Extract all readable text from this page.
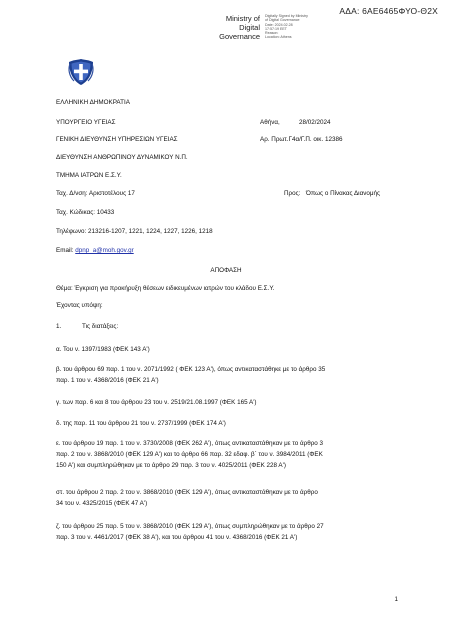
ΑΔΑ: 6ΑΕ6465ΦΥΟ-Θ2Χ
Ministry of
Digital
Governance
Digitally Signed by Ministry
of Digital Governance
Date: 2024.02.28
17:57:19 EET
Reason:
Location: Athens
ΕΛΛΗΝΙΚΗ ΔΗΜΟΚΡΑΤΙΑ
ΥΠΟΥΡΓΕΙΟ ΥΓΕΙΑΣ	Αθήνα,	28/02/2024
ΓΕΝΙΚΗ ΔΙΕΥΘΥΝΣΗ ΥΠΗΡΕΣΙΩΝ ΥΓΕΙΑΣ	Αρ. Πρωτ.Γ4α/Γ.Π. οικ. 12386
ΔΙΕΥΘΥΝΣΗ ΑΝΘΡΩΠΙΝΟΥ ΔΥΝΑΜΙΚΟΥ Ν.Π.
ΤΜΗΜΑ ΙΑΤΡΩΝ Ε.Σ.Υ.
Ταχ. Δ/νση: Αριστοτέλους 17	Προς: Όπως ο Πίνακας Διανομής
Ταχ. Κώδικας: 10433
Τηλέφωνο: 213216-1207, 1221, 1224, 1227, 1226, 1218
Email: dpnp_a@moh.gov.gr
ΑΠΟΦΑΣΗ
Θέμα: Έγκριση για προκήρυξη θέσεων ειδικευμένων ιατρών του κλάδου Ε.Σ.Υ.
Έχοντας υπόψη:
1.	Τις διατάξεις:
α. Του ν. 1397/1983 (ΦΕΚ 143 Α')
β. του άρθρου 69 παρ. 1 του ν. 2071/1992 ( ΦΕΚ 123 Α'), όπως αντικαταστάθηκε με το άρθρο 35
παρ. 1 του ν. 4368/2016 (ΦΕΚ 21 Α')
γ. των παρ. 6 και 8 του άρθρου 23 του ν. 2519/21.08.1997 (ΦΕΚ 165 Α')
δ. της παρ. 11 του άρθρου 21 του ν. 2737/1999 (ΦΕΚ 174 Α')
ε. του άρθρου 19 παρ. 1 του ν. 3730/2008 (ΦΕΚ 262 Α'), όπως αντικαταστάθηκαν με το άρθρο 3
παρ. 2 του ν. 3868/2010 (ΦΕΚ 129 Α') και το άρθρο 66 παρ. 32 εδαφ. β΄ του ν. 3984/2011 (ΦΕΚ
150 Α') και συμπληρώθηκαν με το άρθρο 29 παρ. 3 του ν. 4025/2011 (ΦΕΚ 228 Α')
στ. του άρθρου 2 παρ. 2 του ν. 3868/2010 (ΦΕΚ 129 Α'), όπως αντικαταστάθηκαν με το άρθρο
34 του ν. 4325/2015 (ΦΕΚ 47 Α')
ζ. του άρθρου 25 παρ. 5 του ν. 3868/2010 (ΦΕΚ 129 Α'), όπως συμπληρώθηκαν με το άρθρο 27
παρ. 3 του ν. 4461/2017 (ΦΕΚ 38 Α'), και του άρθρου 41 του ν. 4368/2016 (ΦΕΚ 21 Α')
1
